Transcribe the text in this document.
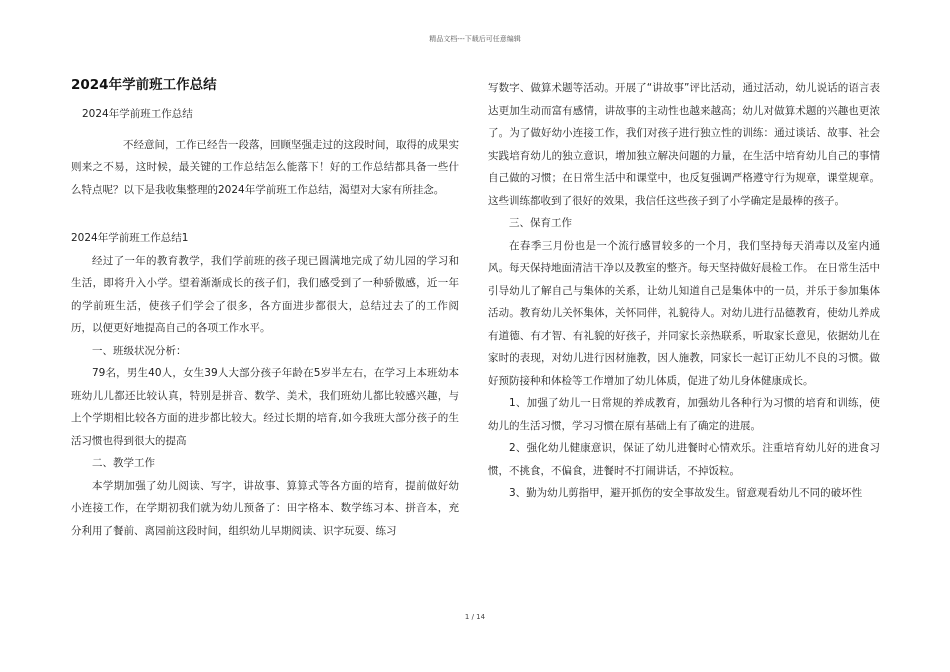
精品文档---下载后可任意编辑
2024年学前班工作总结

2024年学前班工作总结

不经意间，工作已经告一段落，回顾坚强走过的这段时间，取得的成果实则来之不易，这时候，最关键的工作总结怎么能落下！好的工作总结都具备一些什么特点呢？以下是我收集整理的2024年学前班工作总结，渴望对大家有所挂念。

2024年学前班工作总结1

经过了一年的教育教学，我们学前班的孩子现已圆满地完成了幼儿园的学习和生活，即将升入小学。望着渐渐成长的孩子们，我们感受到了一种骄傲感，近一年的学前班生活，使孩子们学会了很多，各方面进步都很大，总结过去了的工作阅历，以便更好地提高自己的各项工作水平。

一、班级状况分析：

79名，男生40人，女生39人大部分孩子年龄在5岁半左右，在学习上本班幼本班幼儿儿都还比较认真，特别是拼音、数学、美术，我们班幼儿都比较感兴趣，与上个学期相比较各方面的进步都比较大。经过长期的培育,如今我班大部分孩子的生活习惯也得到很大的提高

二、教学工作

本学期加强了幼儿阅读、写字，讲故事、算算式等各方面的培育，提前做好幼小连接工作，在学期初我们就为幼儿预备了：田字格本、数学练习本、拼音本，充分利用了餐前、离园前这段时间，组织幼儿早期阅读、识字玩耍、练习

写数字、做算术题等活动。开展了“讲故事”评比活动，通过活动，幼儿说话的语言表达更加生动而富有感情，讲故事的主动性也越来越高；幼儿对做算术题的兴趣也更浓了。为了做好幼小连接工作，我们对孩子进行独立性的训练：通过谈话、故事、社会实践培育幼儿的独立意识，增加独立解决问题的力量，在生活中培育幼儿自己的事情自己做的习惯；在日常生活中和课堂中，也反复强调严格遵守行为规章，课堂规章。这些训练都收到了很好的效果，我信任这些孩子到了小学确定是最棒的孩子。

三、保育工作

在春季三月份也是一个流行感冒较多的一个月，我们坚持每天消毒以及室内通风。每天保持地面清洁干净以及教室的整齐。每天坚持做好晨检工作。 在日常生活中引导幼儿了解自己与集体的关系，让幼儿知道自己是集体中的一员，并乐于参加集体活动。教育幼儿关怀集体，关怀同伴，礼貌待人。对幼儿进行品德教育，使幼儿养成有道德、有才智、有礼貌的好孩子，并同家长亲热联系，听取家长意见，依据幼儿在家时的表现，对幼儿进行因材施教，因人施教，同家长一起订正幼儿不良的习惯。做好预防接种和体检等工作增加了幼儿体质，促进了幼儿身体健康成长。

1、加强了幼儿一日常规的养成教育，加强幼儿各种行为习惯的培育和训练，使幼儿的生活习惯，学习习惯在原有基础上有了确定的进展。

2、强化幼儿健康意识，保证了幼儿进餐时心情欢乐。注重培育幼儿好的进食习惯，不挑食，不偏食，进餐时不打闹讲话，不掉饭粒。

3、勤为幼儿剪指甲，避开抓伤的安全事故发生。留意观看幼儿不同的破坏性

1 / 14
